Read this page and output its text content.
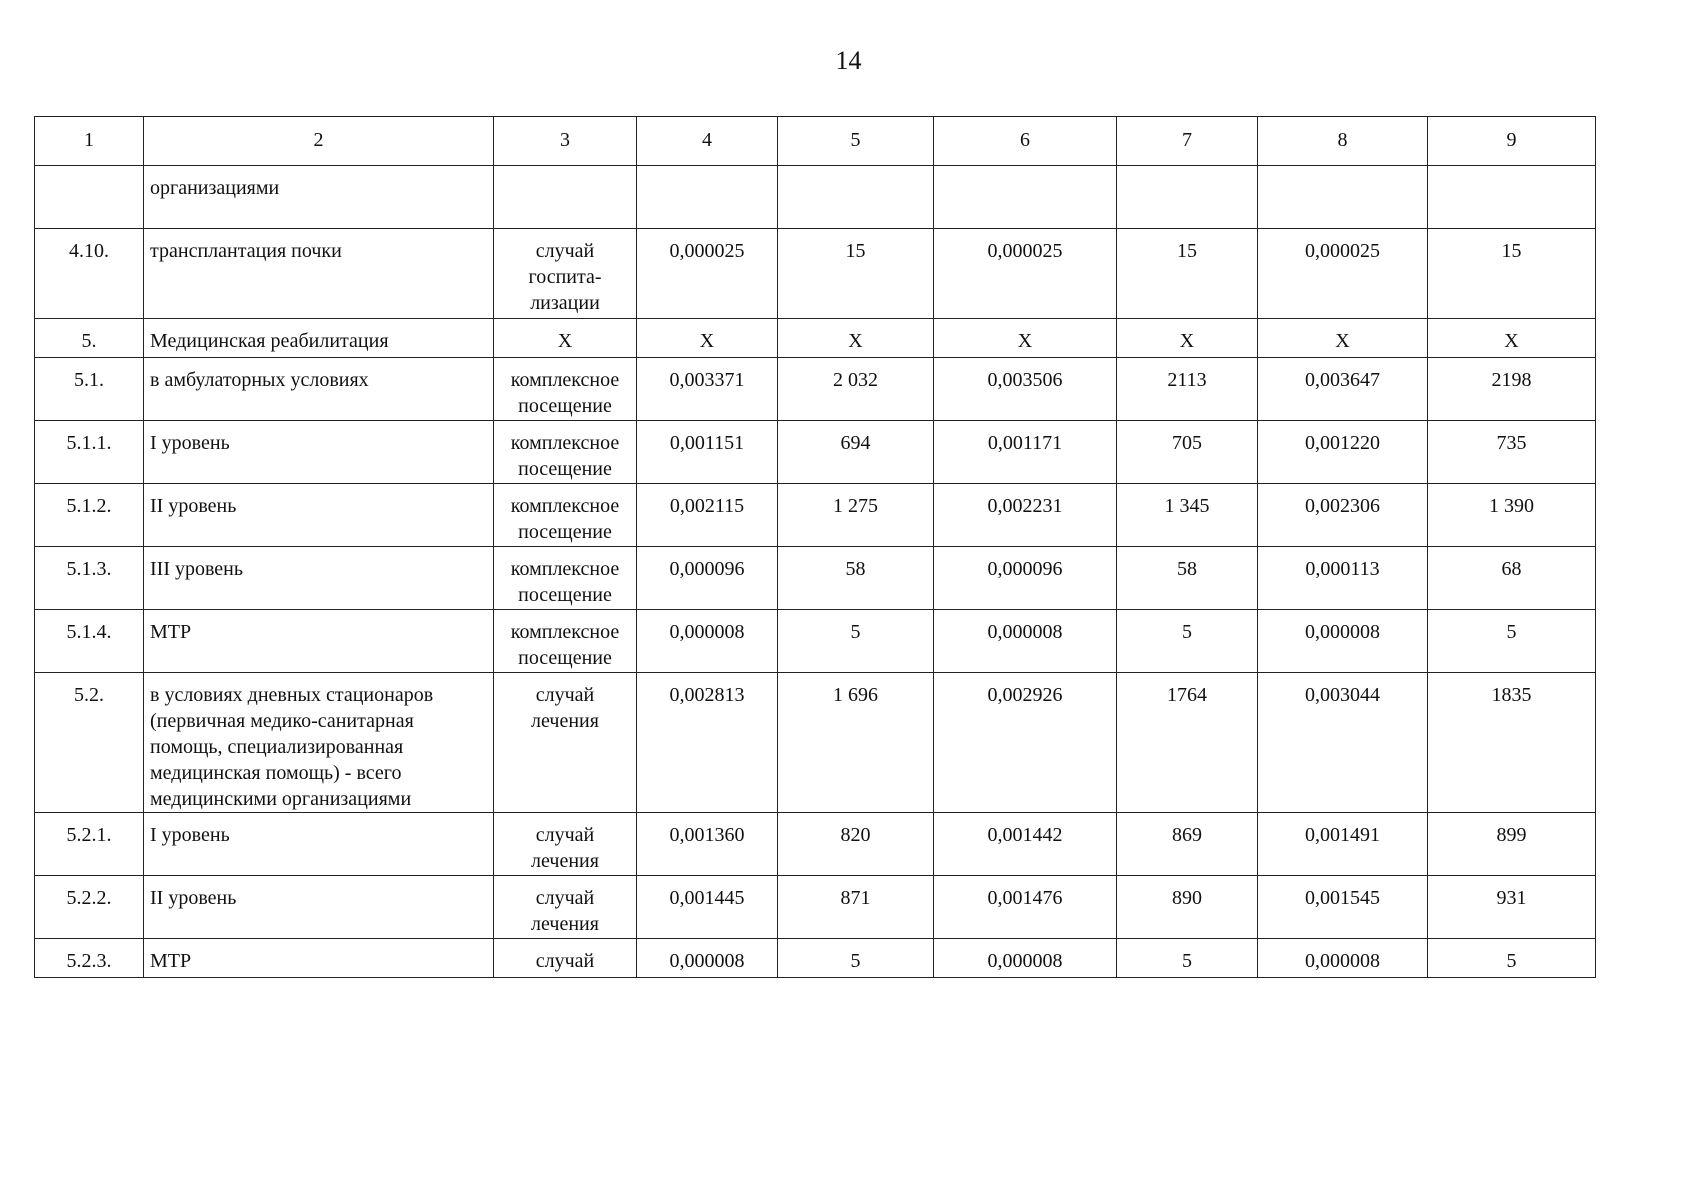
14
1	2	3	4	5	6	7	8	9
	организациями							
4.10.	трансплантация почки	случай госпита-лизации	0,000025	15	0,000025	15	0,000025	15
5.	Медицинская реабилитация	Х	Х	Х	Х	Х	Х	Х
5.1.	в амбулаторных условиях	комплексное посещение	0,003371	2 032	0,003506	2113	0,003647	2198
5.1.1.	I уровень	комплексное посещение	0,001151	694	0,001171	705	0,001220	735
5.1.2.	II уровень	комплексное посещение	0,002115	1 275	0,002231	1 345	0,002306	1 390
5.1.3.	III уровень	комплексное посещение	0,000096	58	0,000096	58	0,000113	68
5.1.4.	МТР	комплексное посещение	0,000008	5	0,000008	5	0,000008	5
5.2.	в условиях дневных стационаров (первичная медико-санитарная помощь, специализированная медицинская помощь) - всего медицинскими организациями	случай лечения	0,002813	1 696	0,002926	1764	0,003044	1835
5.2.1.	I уровень	случай лечения	0,001360	820	0,001442	869	0,001491	899
5.2.2.	II уровень	случай лечения	0,001445	871	0,001476	890	0,001545	931
5.2.3.	МТР	случай	0,000008	5	0,000008	5	0,000008	5
